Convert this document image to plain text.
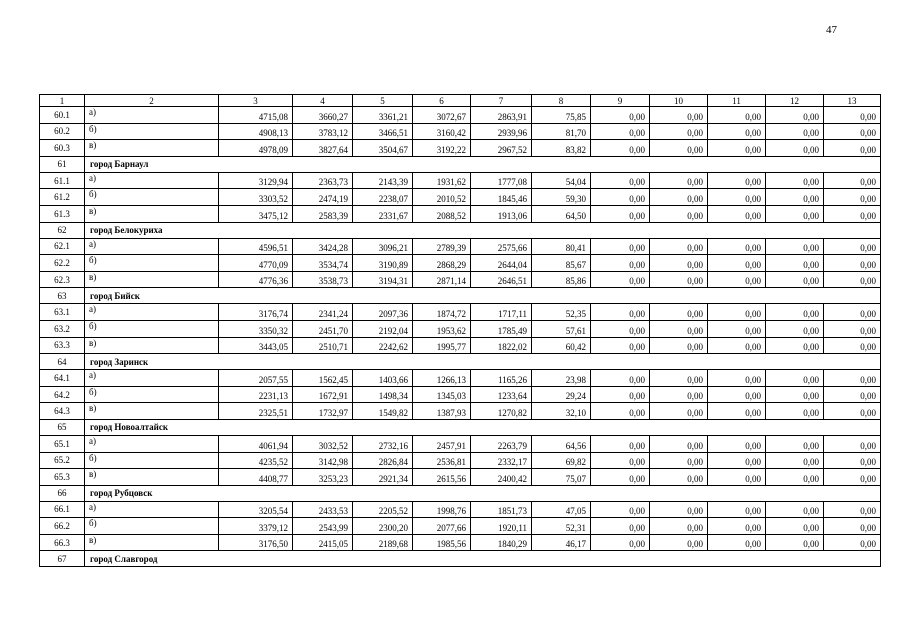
47
1	2	3	4	5	6	7	8	9	10	11	12	13
60.1	а)	4715,08	3660,27	3361,21	3072,67	2863,91	75,85	0,00	0,00	0,00	0,00	0,00
60.2	б)	4908,13	3783,12	3466,51	3160,42	2939,96	81,70	0,00	0,00	0,00	0,00	0,00
60.3	в)	4978,09	3827,64	3504,67	3192,22	2967,52	83,82	0,00	0,00	0,00	0,00	0,00
61	город Барнаул											
61.1	а)	3129,94	2363,73	2143,39	1931,62	1777,08	54,04	0,00	0,00	0,00	0,00	0,00
61.2	б)	3303,52	2474,19	2238,07	2010,52	1845,46	59,30	0,00	0,00	0,00	0,00	0,00
61.3	в)	3475,12	2583,39	2331,67	2088,52	1913,06	64,50	0,00	0,00	0,00	0,00	0,00
62	город Белокуриха											
62.1	а)	4596,51	3424,28	3096,21	2789,39	2575,66	80,41	0,00	0,00	0,00	0,00	0,00
62.2	б)	4770,09	3534,74	3190,89	2868,29	2644,04	85,67	0,00	0,00	0,00	0,00	0,00
62.3	в)	4776,36	3538,73	3194,31	2871,14	2646,51	85,86	0,00	0,00	0,00	0,00	0,00
63	город Бийск											
63.1	а)	3176,74	2341,24	2097,36	1874,72	1717,11	52,35	0,00	0,00	0,00	0,00	0,00
63.2	б)	3350,32	2451,70	2192,04	1953,62	1785,49	57,61	0,00	0,00	0,00	0,00	0,00
63.3	в)	3443,05	2510,71	2242,62	1995,77	1822,02	60,42	0,00	0,00	0,00	0,00	0,00
64	город Заринск											
64.1	а)	2057,55	1562,45	1403,66	1266,13	1165,26	23,98	0,00	0,00	0,00	0,00	0,00
64.2	б)	2231,13	1672,91	1498,34	1345,03	1233,64	29,24	0,00	0,00	0,00	0,00	0,00
64.3	в)	2325,51	1732,97	1549,82	1387,93	1270,82	32,10	0,00	0,00	0,00	0,00	0,00
65	город Новоалтайск											
65.1	а)	4061,94	3032,52	2732,16	2457,91	2263,79	64,56	0,00	0,00	0,00	0,00	0,00
65.2	б)	4235,52	3142,98	2826,84	2536,81	2332,17	69,82	0,00	0,00	0,00	0,00	0,00
65.3	в)	4408,77	3253,23	2921,34	2615,56	2400,42	75,07	0,00	0,00	0,00	0,00	0,00
66	город Рубцовск											
66.1	а)	3205,54	2433,53	2205,52	1998,76	1851,73	47,05	0,00	0,00	0,00	0,00	0,00
66.2	б)	3379,12	2543,99	2300,20	2077,66	1920,11	52,31	0,00	0,00	0,00	0,00	0,00
66.3	в)	3176,50	2415,05	2189,68	1985,56	1840,29	46,17	0,00	0,00	0,00	0,00	0,00
67	город Славгород											
